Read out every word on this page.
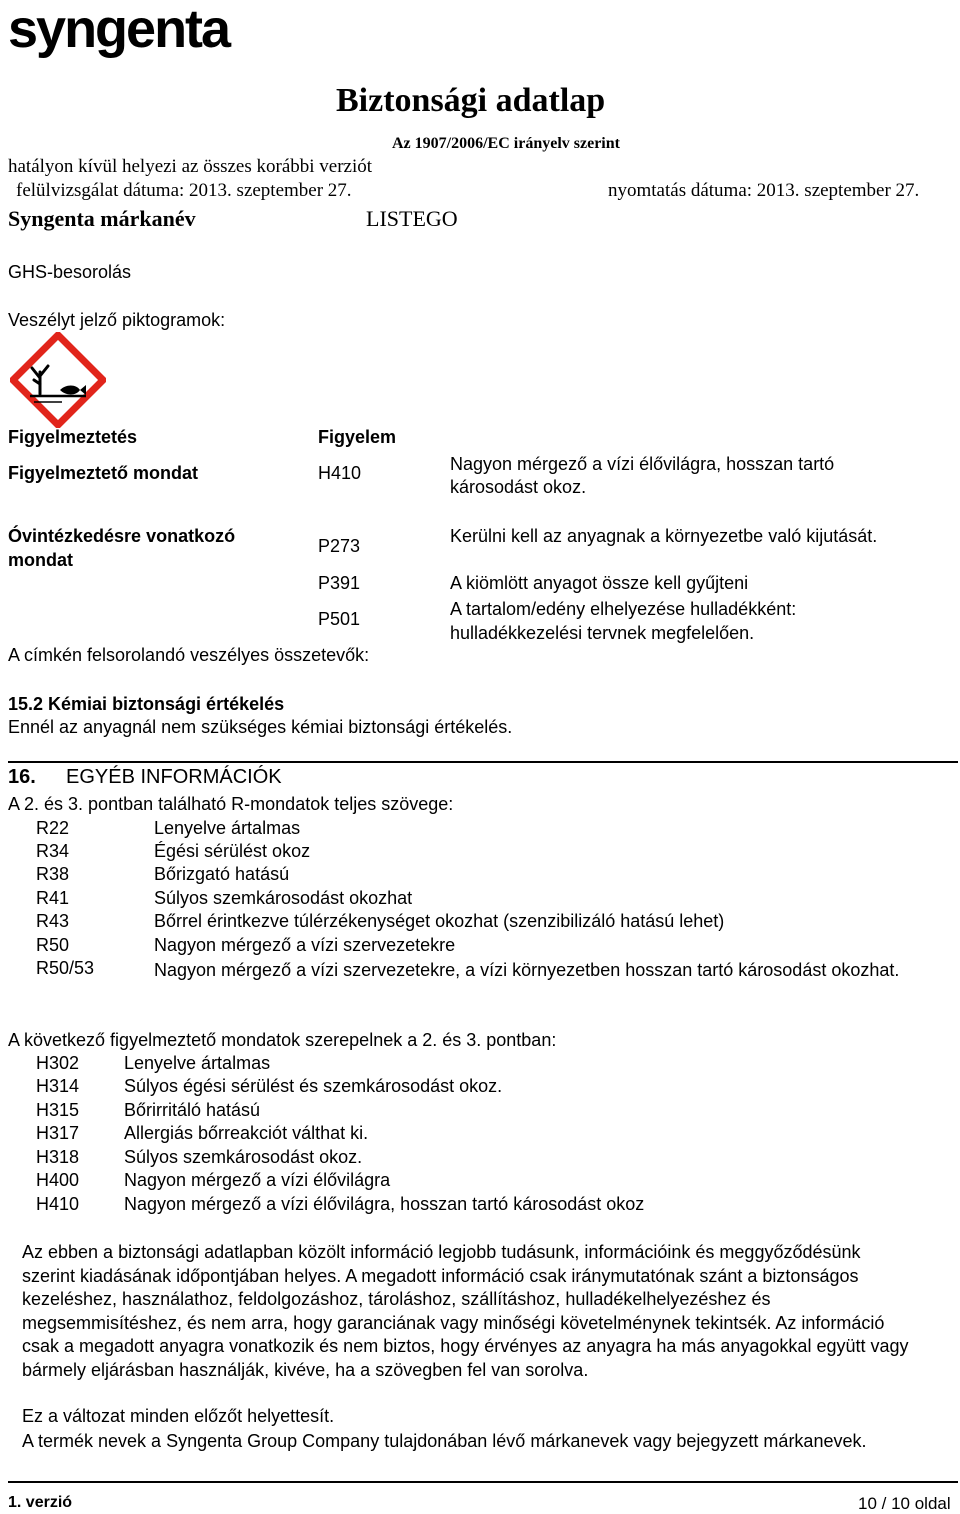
syngenta
Biztonsági adatlap
Az 1907/2006/EC irányelv szerint
hatályon kívül helyezi az összes korábbi verziót
felülvizsgálat dátuma: 2013. szeptember 27.	nyomtatás dátuma: 2013. szeptember 27.
Syngenta márkanév	LISTEGO
GHS-besorolás
Veszélyt jelző piktogramok:
Figyelmeztetés	Figyelem
Figyelmeztető mondat	H410	Nagyon mérgező a vízi élővilágra, hosszan tartó károsodást okoz.
Óvintézkedésre vonatkozó mondat
P273	Kerülni kell az anyagnak a környezetbe való kijutását.
P391	A kiömlött anyagot össze kell gyűjteni
P501	A tartalom/edény elhelyezése hulladékként: hulladékkezelési tervnek megfelelően.
A címkén felsorolandó veszélyes összetevők:
15.2 Kémiai biztonsági értékelés
Ennél az anyagnál nem szükséges kémiai biztonsági értékelés.
16. EGYÉB INFORMÁCIÓK
A 2. és 3. pontban található R-mondatok teljes szövege:
R22	Lenyelve ártalmas
R34	Égési sérülést okoz
R38	Bőrizgató hatású
R41	Súlyos szemkárosodást okozhat
R43	Bőrrel érintkezve túlérzékenységet okozhat (szenzibilizáló hatású lehet)
R50	Nagyon mérgező a vízi szervezetekre
R50/53	Nagyon mérgező a vízi szervezetekre, a vízi környezetben hosszan tartó károsodást okozhat.
A következő figyelmeztető mondatok szerepelnek a 2. és 3. pontban:
H302 Lenyelve ártalmas
H314 Súlyos égési sérülést és szemkárosodást okoz.
H315 Bőrirritáló hatású
H317 Allergiás bőrreakciót válthat ki.
H318 Súlyos szemkárosodást okoz.
H400 Nagyon mérgező a vízi élővilágra
H410 Nagyon mérgező a vízi élővilágra, hosszan tartó károsodást okoz
Az ebben a biztonsági adatlapban közölt információ legjobb tudásunk, információink és meggyőződésünk szerint kiadásának időpontjában helyes. A megadott információ csak iránymutatónak szánt a biztonságos kezeléshez, használathoz, feldolgozáshoz, tároláshoz, szállításhoz, hulladékelhelyezéshez és megsemmisítéshez, és nem arra, hogy garanciának vagy minőségi követelménynek tekintsék. Az információ csak a megadott anyagra vonatkozik és nem biztos, hogy érvényes az anyagra ha más anyagokkal együtt vagy bármely eljárásban használják, kivéve, ha a szövegben fel van sorolva.
Ez a változat minden előzőt helyettesít.
A termék nevek a Syngenta Group Company tulajdonában lévő márkanevek vagy bejegyzett márkanevek.
1. verzió	10 / 10 oldal
